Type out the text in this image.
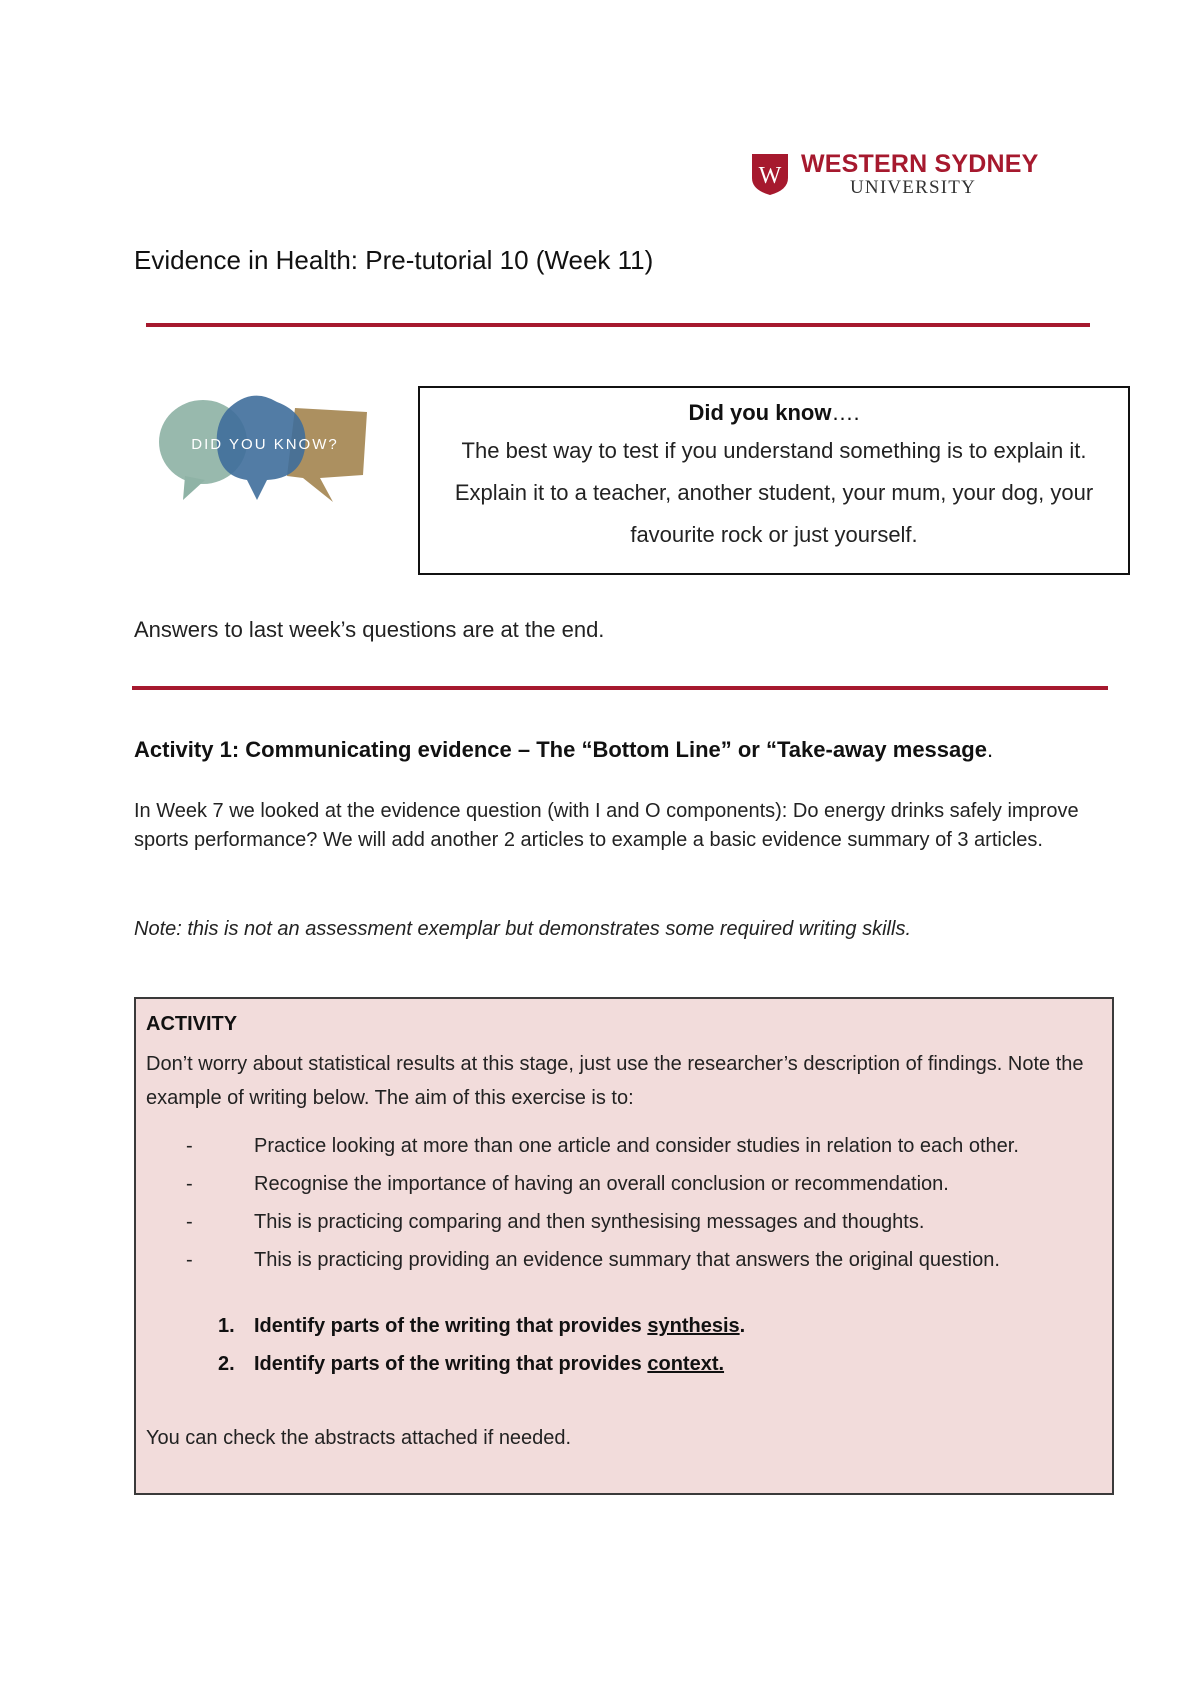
W WESTERN SYDNEY
UNIVERSITY
Evidence in Health: Pre-tutorial 10 (Week 11)
DID YOU KNOW?
Did you know….
The best way to test if you understand something is to explain it. Explain it to a teacher, another student, your mum, your dog, your favourite rock or just yourself.
Answers to last week’s questions are at the end.
Activity 1: Communicating evidence – The “Bottom Line” or “Take-away message.
In Week 7 we looked at the evidence question (with I and O components): Do energy drinks safely improve sports performance? We will add another 2 articles to example a basic evidence summary of 3 articles.
Note: this is not an assessment exemplar but demonstrates some required writing skills.
ACTIVITY
Don’t worry about statistical results at this stage, just use the researcher’s description of findings. Note the example of writing below. The aim of this exercise is to:
-	Practice looking at more than one article and consider studies in relation to each other.
-	Recognise the importance of having an overall conclusion or recommendation.
-	This is practicing comparing and then synthesising messages and thoughts.
-	This is practicing providing an evidence summary that answers the original question.
1. Identify parts of the writing that provides synthesis.
2. Identify parts of the writing that provides context.
You can check the abstracts attached if needed.
